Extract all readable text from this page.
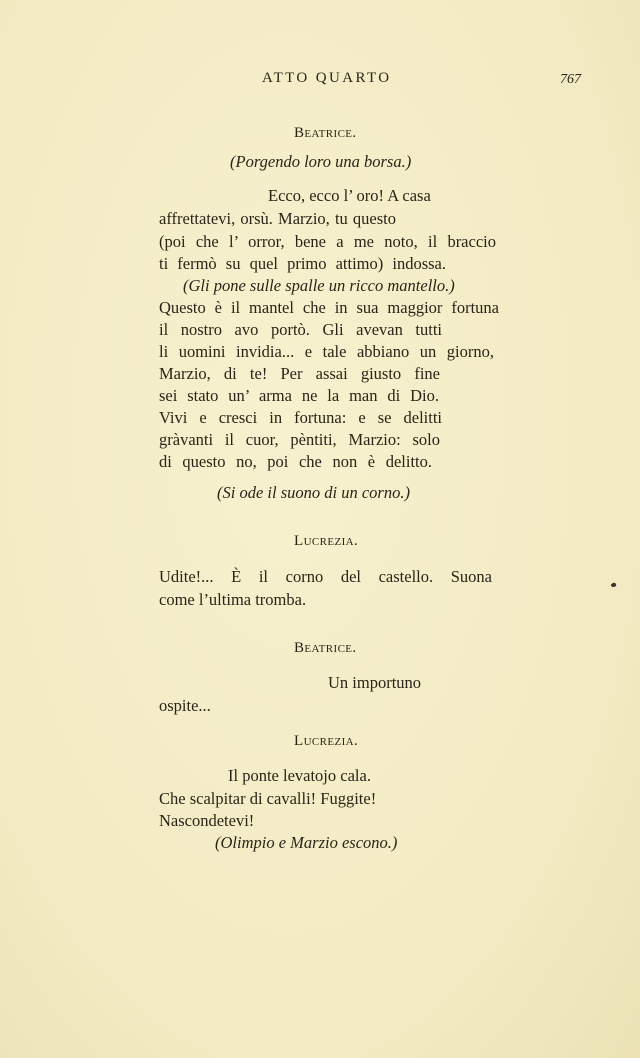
ATTO QUARTO	767
Beatrice.
(Porgendo loro una borsa.)
Ecco, ecco l’ oro! A casa
affrettatevi, orsù. Marzio, tu questo
(poi che l’ orror, bene a me noto, il braccio
ti fermò su quel primo attimo) indossa.
(Gli pone sulle spalle un ricco mantello.)
Questo è il mantel che in sua maggior fortuna
il nostro avo portò. Gli avevan tutti
li uomini invidia... e tale abbiano un giorno,
Marzio, di te! Per assai giusto fine
sei stato un’ arma ne la man di Dio.
Vivi e cresci in fortuna: e se delitti
gràvanti il cuor, pèntiti, Marzio: solo
di questo no, poi che non è delitto.
(Si ode il suono di un corno.)
Lucrezia.
Udite!... È il corno del castello. Suona
come l’ultima tromba.
Beatrice.
Un importuno
ospite...
Lucrezia.
Il ponte levatojo cala.
Che scalpitar di cavalli! Fuggite!
Nascondetevi!
(Olimpio e Marzio escono.)
